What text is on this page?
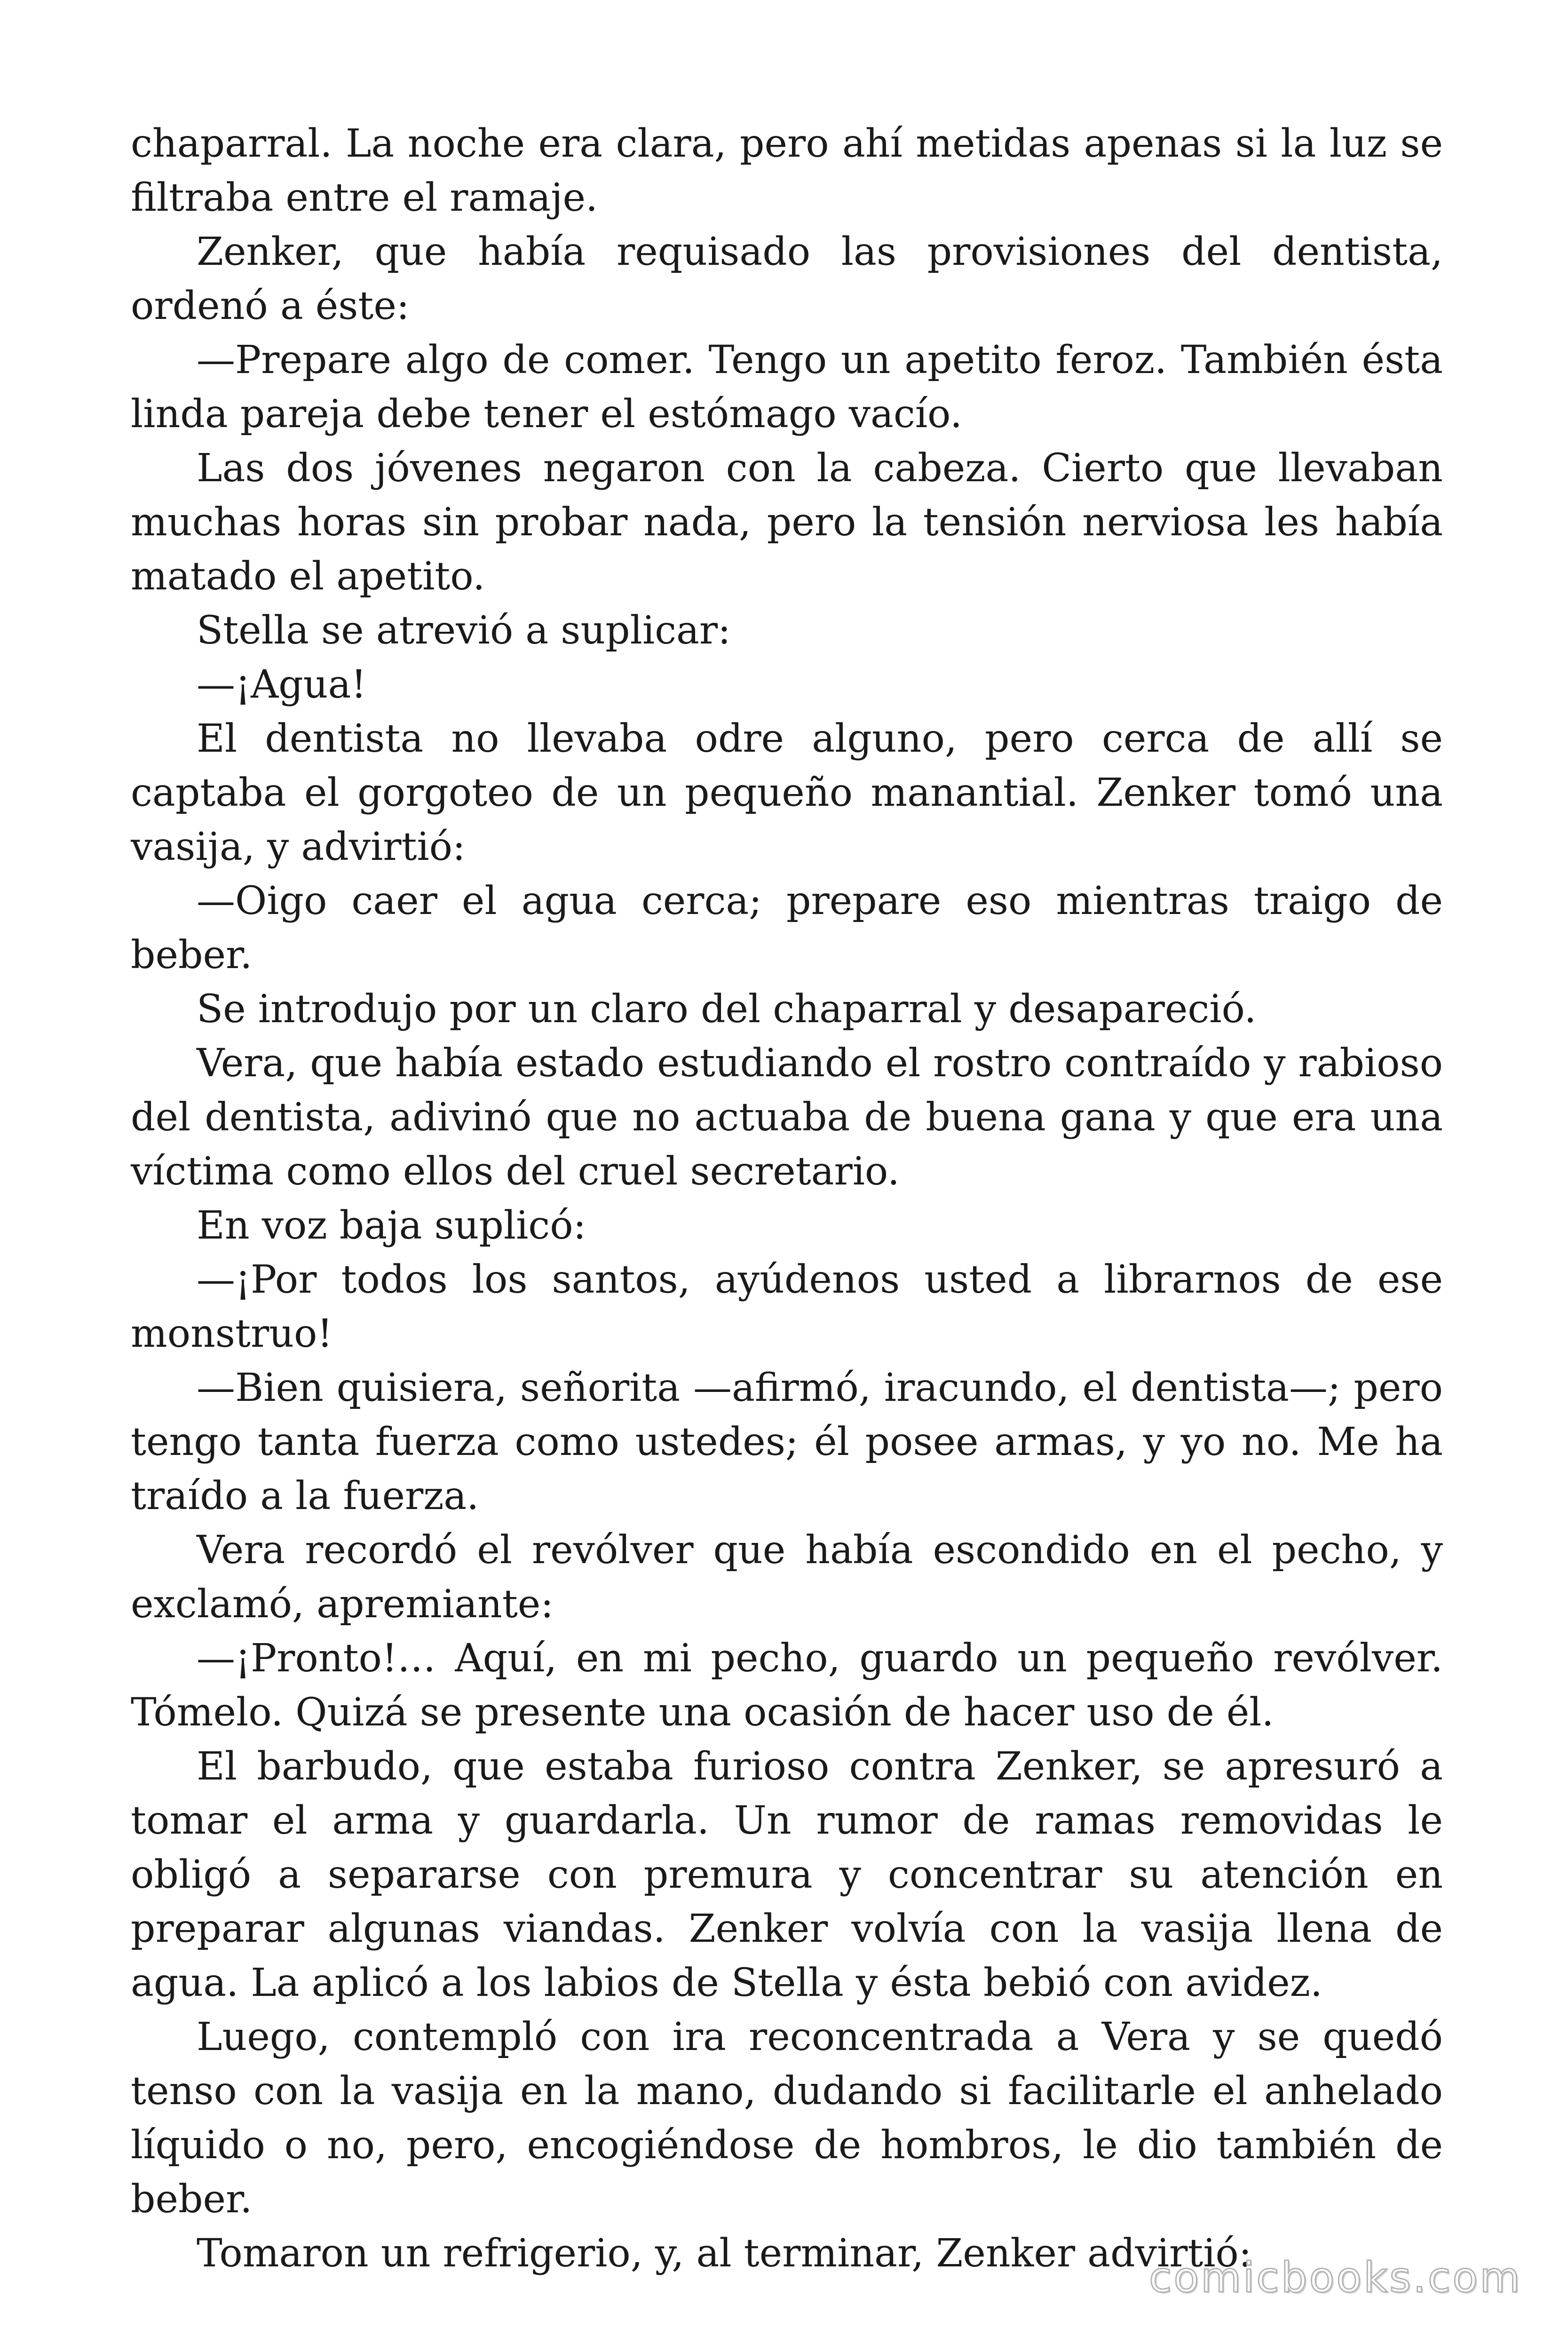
chaparral. La noche era clara, pero ahí metidas apenas si la luz se filtraba entre el ramaje.

Zenker, que había requisado las provisiones del dentista, ordenó a éste:

—Prepare algo de comer. Tengo un apetito feroz. También ésta linda pareja debe tener el estómago vacío.

Las dos jóvenes negaron con la cabeza. Cierto que llevaban muchas horas sin probar nada, pero la tensión nerviosa les había matado el apetito.

Stella se atrevió a suplicar:

—¡Agua!

El dentista no llevaba odre alguno, pero cerca de allí se captaba el gorgoteo de un pequeño manantial. Zenker tomó una vasija, y advirtió:

—Oigo caer el agua cerca; prepare eso mientras traigo de beber.

Se introdujo por un claro del chaparral y desapareció.

Vera, que había estado estudiando el rostro contraído y rabioso del dentista, adivinó que no actuaba de buena gana y que era una víctima como ellos del cruel secretario.

En voz baja suplicó:

—¡Por todos los santos, ayúdenos usted a librarnos de ese monstruo!

—Bien quisiera, señorita —afirmó, iracundo, el dentista—; pero tengo tanta fuerza como ustedes; él posee armas, y yo no. Me ha traído a la fuerza.

Vera recordó el revólver que había escondido en el pecho, y exclamó, apremiante:

—¡Pronto!… Aquí, en mi pecho, guardo un pequeño revólver. Tómelo. Quizá se presente una ocasión de hacer uso de él.

El barbudo, que estaba furioso contra Zenker, se apresuró a tomar el arma y guardarla. Un rumor de ramas removidas le obligó a separarse con premura y concentrar su atención en preparar algunas viandas. Zenker volvía con la vasija llena de agua. La aplicó a los labios de Stella y ésta bebió con avidez.

Luego, contempló con ira reconcentrada a Vera y se quedó tenso con la vasija en la mano, dudando si facilitarle el anhelado líquido o no, pero, encogiéndose de hombros, le dio también de beber.

Tomaron un refrigerio, y, al terminar, Zenker advirtió:

comicbooks.com
